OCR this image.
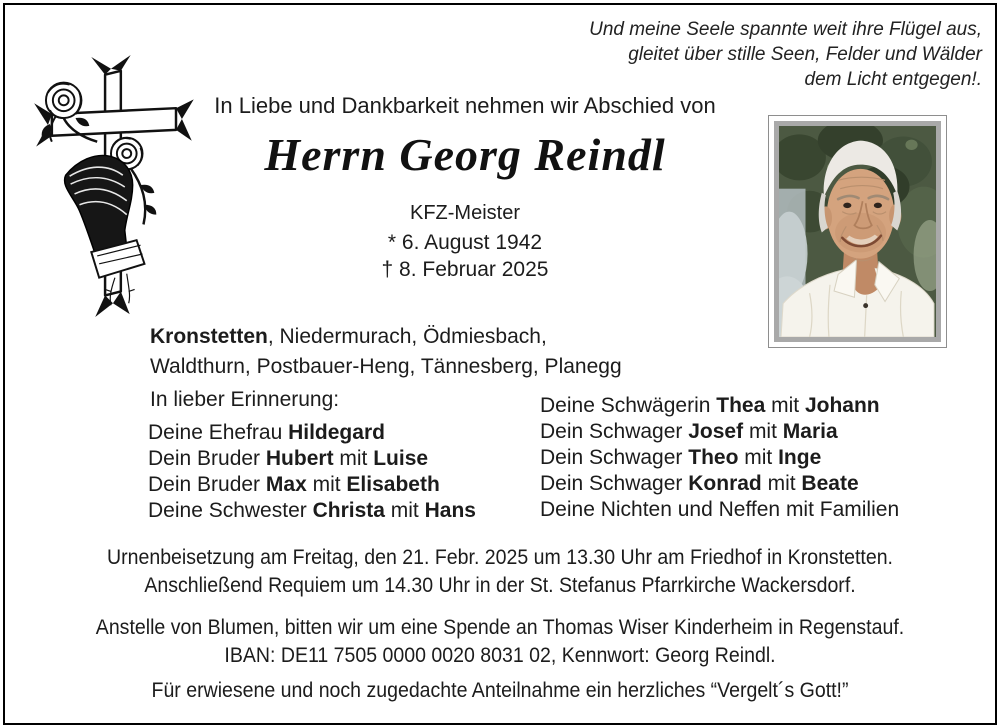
Und meine Seele spannte weit ihre Flügel aus,
gleitet über stille Seen, Felder und Wälder
dem Licht entgegen!.
In Liebe und Dankbarkeit nehmen wir Abschied von
Herrn Georg Reindl
KFZ-Meister
* 6. August 1942
† 8. Februar 2025
Kronstetten, Niedermurach, Ödmiesbach,
Waldthurn, Postbauer-Heng, Tännesberg, Planegg
In lieber Erinnerung:
Deine Ehefrau Hildegard
Dein Bruder Hubert mit Luise
Dein Bruder Max mit Elisabeth
Deine Schwester Christa mit Hans
Deine Schwägerin Thea mit Johann
Dein Schwager Josef mit Maria
Dein Schwager Theo mit Inge
Dein Schwager Konrad mit Beate
Deine Nichten und Neffen mit Familien
Urnenbeisetzung am Freitag, den 21. Febr. 2025 um 13.30 Uhr am Friedhof in Kronstetten.
Anschließend Requiem um 14.30 Uhr in der St. Stefanus Pfarrkirche Wackersdorf.
Anstelle von Blumen, bitten wir um eine Spende an Thomas Wiser Kinderheim in Regenstauf.
IBAN: DE11 7505 0000 0020 8031 02, Kennwort: Georg Reindl.
Für erwiesene und noch zugedachte Anteilnahme ein herzliches “Vergelt´s Gott!”
